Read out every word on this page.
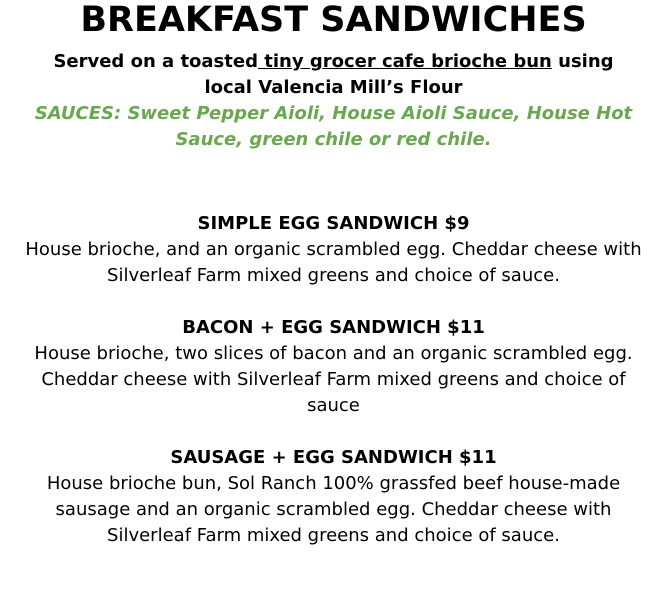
BREAKFAST SANDWICHES
Served on a toasted tiny grocer cafe brioche bun using local Valencia Mill’s Flour
SAUCES: Sweet Pepper Aioli, House Aioli Sauce, House Hot Sauce, green chile or red chile.
SIMPLE EGG SANDWICH $9
House brioche, and an organic scrambled egg. Cheddar cheese with Silverleaf Farm mixed greens and choice of sauce.
BACON + EGG SANDWICH $11
House brioche, two slices of bacon and an organic scrambled egg. Cheddar cheese with Silverleaf Farm mixed greens and choice of sauce
SAUSAGE + EGG SANDWICH $11
House brioche bun, Sol Ranch 100% grassfed beef house-made sausage and an organic scrambled egg. Cheddar cheese with Silverleaf Farm mixed greens and choice of sauce.
